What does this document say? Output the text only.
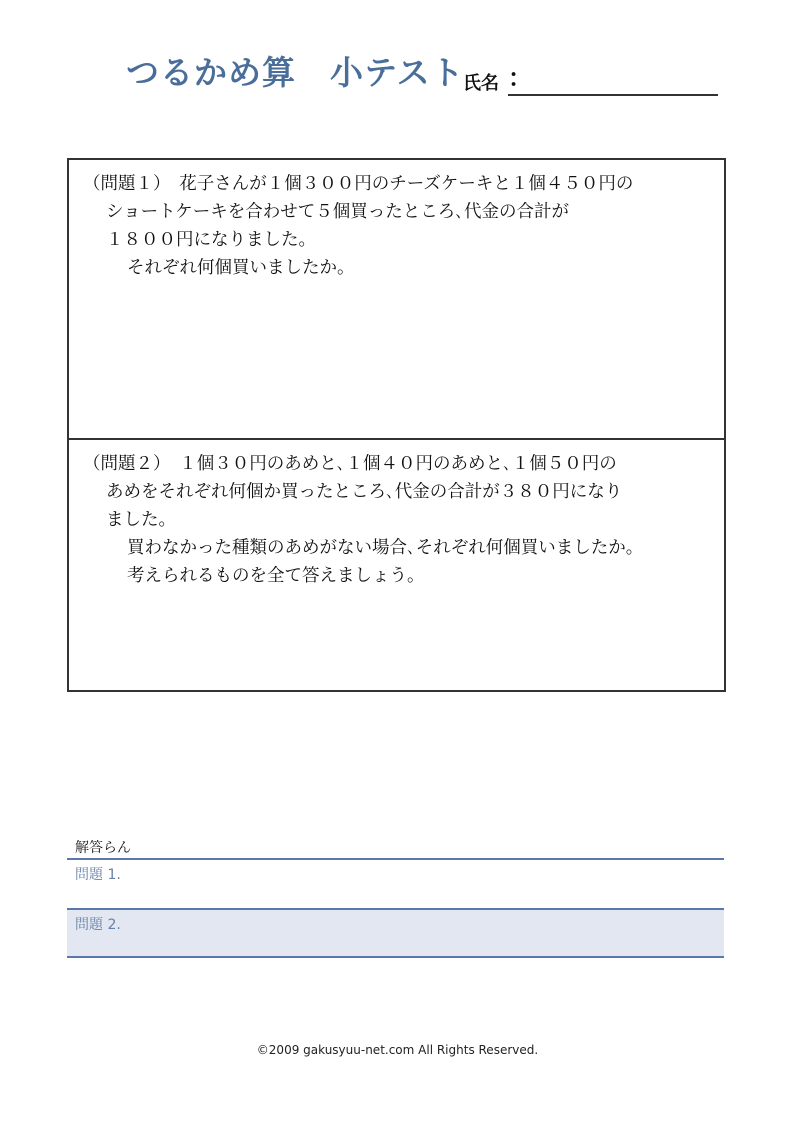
つるかめ算　小テスト
氏名 ：
（問題１）　花子さんが１個３００円のチーズケーキと１個４５０円の
ショートケーキを合わせて５個買ったところ､代金の合計が
１８００円になりました。
それぞれ何個買いましたか。
（問題２）　１個３０円のあめと､１個４０円のあめと､１個５０円の
あめをそれぞれ何個か買ったところ､代金の合計が３８０円になり
ました。
買わなかった種類のあめがない場合､それぞれ何個買いましたか。
考えられるものを全て答えましょう。
解答らん
問題 1.
問題 2.
©2009 gakusyuu-net.com All Rights Reserved.
